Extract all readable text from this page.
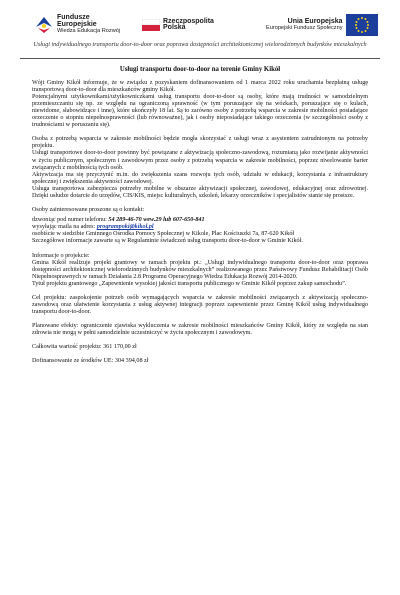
Fundusze
Europejskie
Wiedza Edukacja Rozwój
Rzeczpospolita
Polska
Unia Europejska
Europejski Fundusz Społeczny
Usługi indywidualnego transportu door-to-door oraz poprawa dostępności architektonicznej wielorodzinnych budynków mieszkalnych

Usługi transportu door-to-door na terenie Gminy Kikół

Wójt Gminy Kikół informuje, że w związku z pozyskaniem dofinansowaniem od 1 marca 2022 roku uruchamia bezpłatną usługę transportową door-to-door dla mieszkańców gminy Kikół.

Potencjalnymi użytkownikami/użytkowniczkami usług transportu door-to-door są osoby, które mają trudności w samodzielnym przemieszczaniu się np. ze względu na ograniczoną sprawność (w tym poruszające się na wózkach, poruszające się o kulach, niewidome, słabowidzące i inne), które ukończyły 18 lat. Są to zarówno osoby z potrzebą wsparcia w zakresie mobilności posiadające orzeczenie o stopniu niepełnosprawności (lub równoważne), jak i osoby nieposiadające takiego orzeczenia (w szczególności osoby z trudnościami w poruszaniu się).

Osoba z potrzebą wsparcia w zakresie mobilności będzie mogła skorzystać z usługi wraz z asystentem zatrudnionym na potrzeby projektu.

Usługi transportowe door-to-door powinny być powiązane z aktywizacją społeczno-zawodową, rozumianą jako rozwijanie aktywności w życiu publicznym, społecznym i zawodowym przez osoby z potrzebą wsparcia w zakresie mobilności, poprzez niwelowanie barier związanych z mobilnością tych osób.

Aktywizacja ma się przyczynić m.in. do zwiększenia szans rozwoju tych osób, udziału w edukacji, korzystania z infrastruktury społecznej i zwiększenia aktywności zawodowej.

Usługa transportowa zabezpiecza potrzeby mobilne w obszarze aktywizacji społecznej, zawodowej, edukacyjnej oraz zdrowotnej. Dzięki usłudze dotarcie do urzędów, CIS/KIS, miejsc kulturalnych, szkoleń, lekarzy orzeczników i specjalistów stanie się prostsze.

Osoby zainteresowane proszone są o kontakt:

dzwoniąc pod numer telefonu: 54 289-46-70 wew.29 lub 607-650-841

wysyłając maila na adres: programpoki@kikol.pl

osobiście w siedzibie Gminnego Ośrodka Pomocy Społecznej w Kikole, Plac Kościuszki 7a, 87-620 Kikół

Szczegółowe informacje zawarte są w Regulaminie świadczeń usług transportu door-to-door w Gminie Kikół.

Informacje o projekcie:

Gmina Kikół realizuje projekt grantowy w ramach projektu pt.: „Usługi indywidualnego transportu door-to-door oraz poprawa dostępności architektonicznej wielorodzinnych budynków mieszkalnych” realizowanego przez Państwowy Fundusz Rehabilitacji Osób Niepełnosprawnych w ramach Działania 2.8 Programu Operacyjnego Wiedza Edukacja Rozwój 2014-2020.

Tytuł projektu grantowego „Zapewnienie wysokiej jakości transportu publicznego w Gminie Kikół poprzez zakup samochodu”.

Cel projektu: zaspokojenie potrzeb osób wymagających wsparcia w zakresie mobilności związanych z aktywizacją społeczno-zawodową oraz ułatwienie korzystania z usług aktywnej integracji poprzez zapewnienie przez Gminę Kikół usług indywidualnego transportu door-to-door.

Planowane efekty: ograniczenie zjawiska wykluczenia w zakresie mobilności mieszkańców Gminy Kikół, który ze względu na stan zdrowia nie mogą w pełni samodzielnie uczestniczyć w życiu społecznym i zawodowym.

Całkowita wartość projektu: 361 170,00 zł

Dofinansowanie ze środków UE: 304 394,08 zł
